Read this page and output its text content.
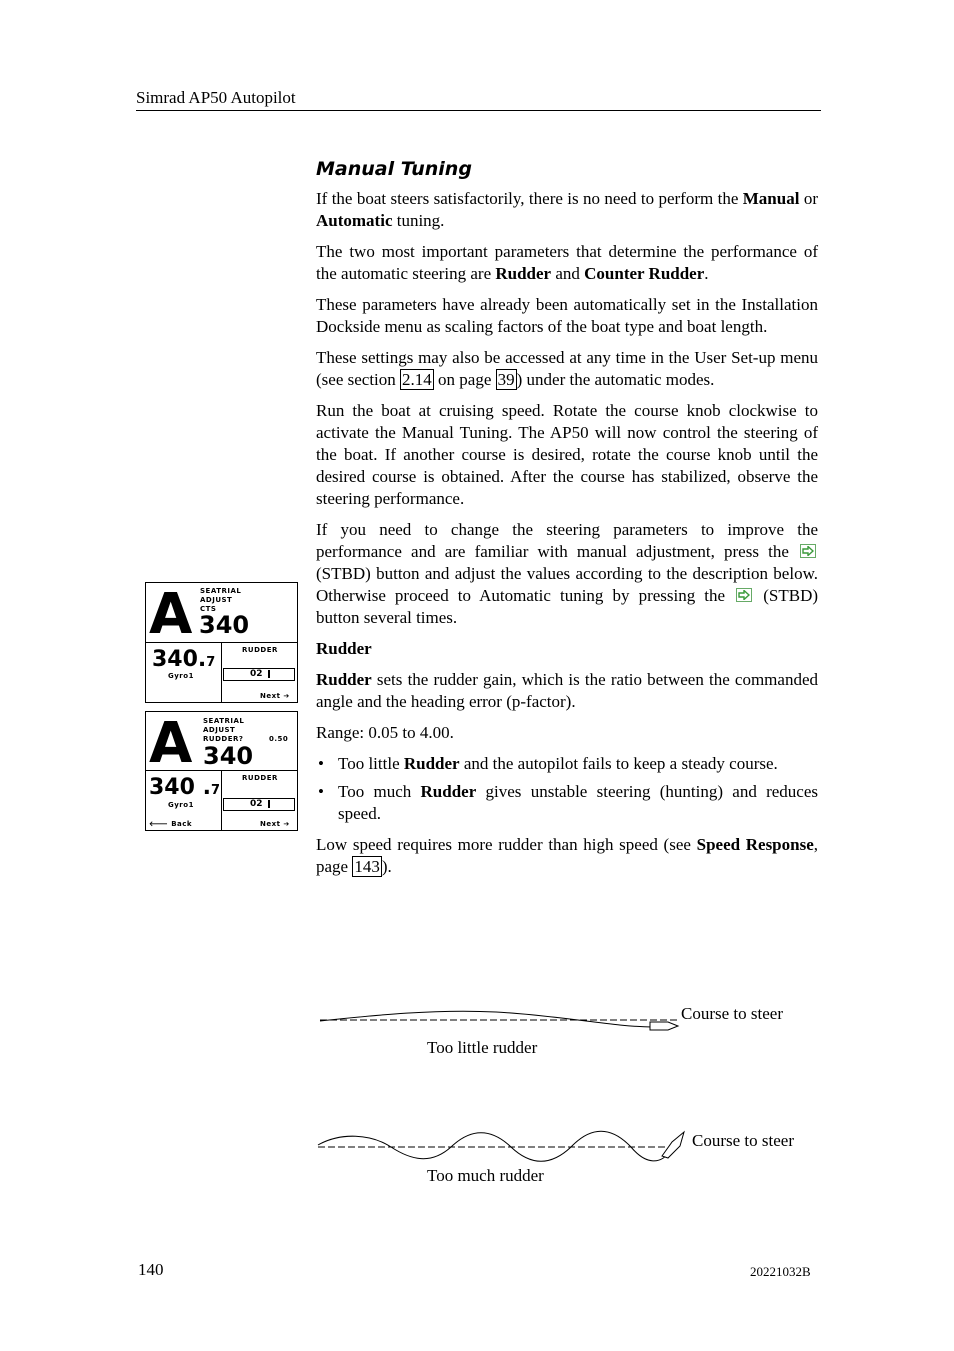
Simrad AP50 Autopilot
A SEATRIAL
ADJUST
CTS
340
340.7
Gyro1
RUDDER
02
Next ➔
A SEATRIAL
ADJUST
RUDDER?	0.50
340
340 .7
Gyro1
RUDDER
02
🡐 Back	Next ➔
Manual Tuning

If the boat steers satisfactorily, there is no need to perform the Manual or Automatic tuning.

The two most important parameters that determine the performance of the automatic steering are Rudder and Counter Rudder.

These parameters have already been automatically set in the Installation Dockside menu as scaling factors of the boat type and boat length.

These settings may also be accessed at any time in the User Set-up menu (see section 2.14 on page 39 ) under the automatic modes.

Run the boat at cruising speed. Rotate the course knob clockwise to activate the Manual Tuning. The AP50 will now control the steering of the boat. If another course is desired, rotate the course knob until the desired course is obtained. After the course has stabilized, observe the steering performance.

If you need to change the steering parameters to improve the performance and are familiar with manual adjustment, press the
(STBD) button and adjust the values according to the description below. Otherwise proceed to Automatic tuning by pressing the
(STBD) button several times.

Rudder

Rudder sets the rudder gain, which is the ratio between the commanded angle and the heading error (p-factor).

Range: 0.05 to 4.00.

• Too little Rudder and the autopilot fails to keep a steady course.
• Too much Rudder gives unstable steering (hunting) and reduces speed.

Low speed requires more rudder than high speed (see Speed Response, page 143 ).

Course to steer
Too little rudder
Course to steer
Too much rudder
140	20221032B
